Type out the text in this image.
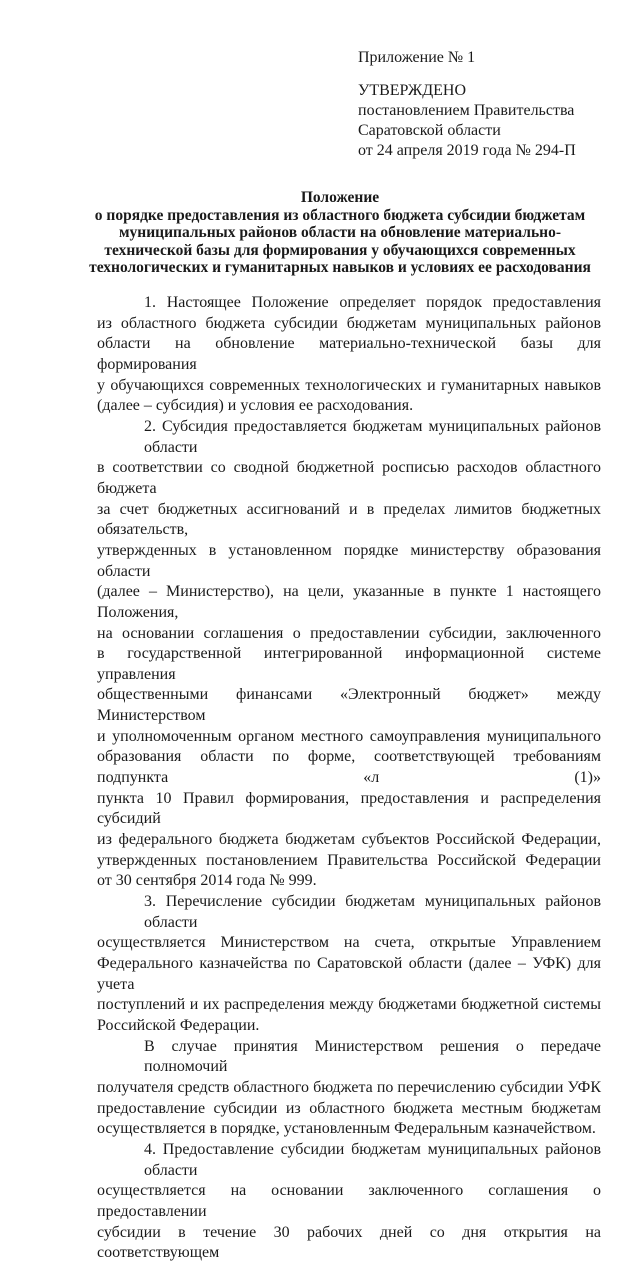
Приложение № 1
УТВЕРЖДЕНО
постановлением Правительства
Саратовской области
от 24 апреля 2019 года № 294-П
Положение
о порядке предоставления из областного бюджета субсидии бюджетам
муниципальных районов области на обновление материально-
технической базы для формирования у обучающихся современных
технологических и гуманитарных навыков и условиях ее расходования
1. Настоящее Положение определяет порядок предоставления
из областного бюджета субсидии бюджетам муниципальных районов
области на обновление материально-технической базы для формирования
у обучающихся современных технологических и гуманитарных навыков
(далее – субсидия) и условия ее расходования.
2. Субсидия предоставляется бюджетам муниципальных районов области
в соответствии со сводной бюджетной росписью расходов областного бюджета
за счет бюджетных ассигнований и в пределах лимитов бюджетных обязательств,
утвержденных в установленном порядке министерству образования области
(далее – Министерство), на цели, указанные в пункте 1 настоящего Положения,
на основании соглашения о предоставлении субсидии, заключенного
в государственной интегрированной информационной системе управления
общественными финансами «Электронный бюджет» между Министерством
и уполномоченным органом местного самоуправления муниципального
образования области по форме, соответствующей требованиям подпункта «л (1)»
пункта 10 Правил формирования, предоставления и распределения субсидий
из федерального бюджета бюджетам субъектов Российской Федерации,
утвержденных постановлением Правительства Российской Федерации
от 30 сентября 2014 года № 999.
3. Перечисление субсидии бюджетам муниципальных районов области
осуществляется Министерством на счета, открытые Управлением
Федерального казначейства по Саратовской области (далее – УФК) для учета
поступлений и их распределения между бюджетами бюджетной системы
Российской Федерации.
В случае принятия Министерством решения о передаче полномочий
получателя средств областного бюджета по перечислению субсидии УФК
предоставление субсидии из областного бюджета местным бюджетам
осуществляется в порядке, установленным Федеральным казначейством.
4. Предоставление субсидии бюджетам муниципальных районов области
осуществляется на основании заключенного соглашения о предоставлении
субсидии в течение 30 рабочих дней со дня открытия на соответствующем
